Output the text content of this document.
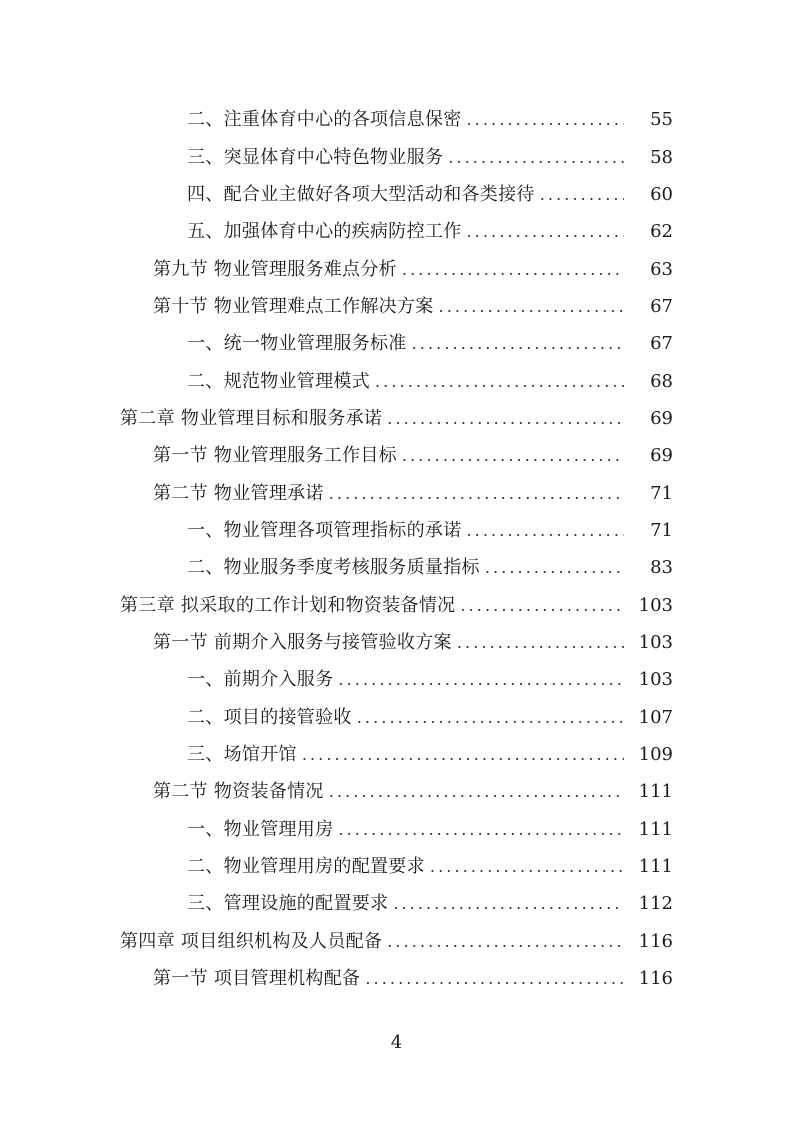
二、注重体育中心的各项信息保密 .....	55
三、突显体育中心特色物业服务 .....	58
四、配合业主做好各项大型活动和各类接待 .....	60
五、加强体育中心的疾病防控工作 .....	62
第九节 物业管理服务难点分析 .....	63
第十节 物业管理难点工作解决方案 .....	67
一、统一物业管理服务标准 .....	67
二、规范物业管理模式 .....	68
第二章 物业管理目标和服务承诺 .....	69
第一节 物业管理服务工作目标 .....	69
第二节 物业管理承诺 .....	71
一、物业管理各项管理指标的承诺 .....	71
二、物业服务季度考核服务质量指标 .....	83
第三章 拟采取的工作计划和物资装备情况 .....	103
第一节 前期介入服务与接管验收方案 .....	103
一、前期介入服务 .....	103
二、项目的接管验收 .....	107
三、场馆开馆 .....	109
第二节 物资装备情况 .....	111
一、物业管理用房 .....	111
二、物业管理用房的配置要求 .....	111
三、管理设施的配置要求 .....	112
第四章 项目组织机构及人员配备 .....	116
第一节 项目管理机构配备 .....	116
4
